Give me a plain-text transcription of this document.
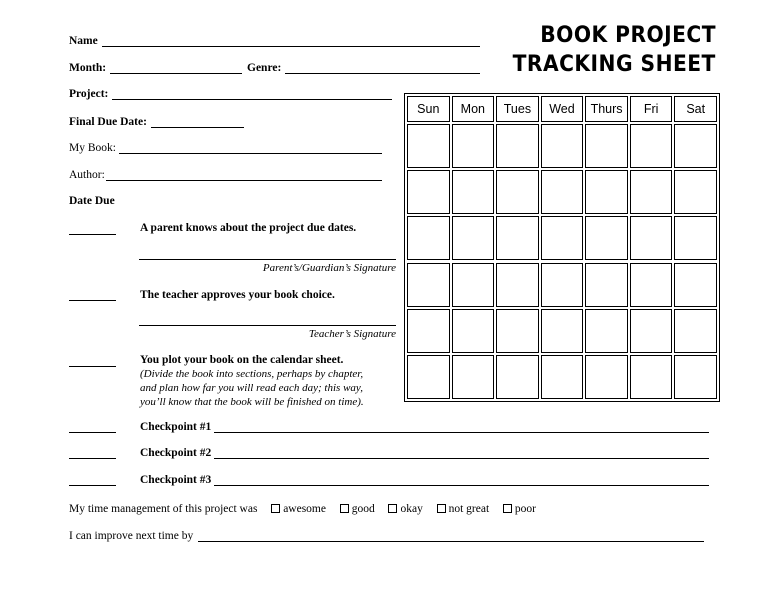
BOOK PROJECT
TRACKING SHEET
Name
Month:	Genre:
Project:
Final Due Date:
My Book:
Author:
Date Due
A parent knows about the project due dates.
Parent’s/Guardian’s Signature
The teacher approves your book choice.
Teacher’s Signature
You plot your book on the calendar sheet.
(Divide the book into sections, perhaps by chapter,
and plan how far you will read each day; this way,
you’ll know that the book will be finished on time).
Sun	Mon	Tues	Wed	Thurs	Fri	Sat
Checkpoint #1
Checkpoint #2
Checkpoint #3
My time management of this project was awesome good okay not great poor
I can improve next time by
